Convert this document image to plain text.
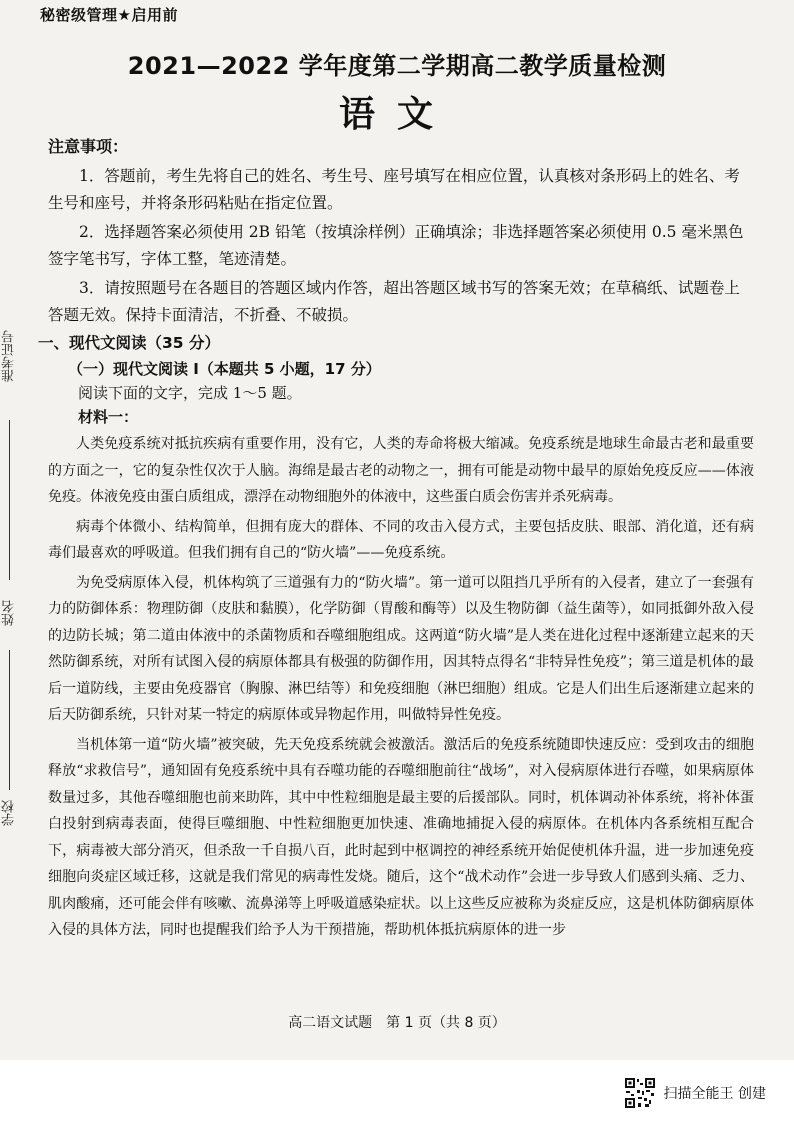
秘密级管理★启用前
2021—2022 学年度第二学期高二教学质量检测
语文
准考证号
姓名
学校
注意事项：

1．答题前，考生先将自己的姓名、考生号、座号填写在相应位置，认真核对条形码上的姓名、考生号和座号，并将条形码粘贴在指定位置。

2．选择题答案必须使用 2B 铅笔（按填涂样例）正确填涂；非选择题答案必须使用 0.5 毫米黑色签字笔书写，字体工整，笔迹清楚。

3．请按照题号在各题目的答题区域内作答，超出答题区域书写的答案无效；在草稿纸、试题卷上答题无效。保持卡面清洁，不折叠、不破损。

一、现代文阅读（35 分）
（一）现代文阅读 I（本题共 5 小题，17 分）
阅读下面的文字，完成 1～5 题。
材料一：

人类免疫系统对抵抗疾病有重要作用，没有它，人类的寿命将极大缩减。免疫系统是地球生命最古老和最重要的方面之一，它的复杂性仅次于人脑。海绵是最古老的动物之一，拥有可能是动物中最早的原始免疫反应——体液免疫。体液免疫由蛋白质组成，漂浮在动物细胞外的体液中，这些蛋白质会伤害并杀死病毒。

病毒个体微小、结构简单，但拥有庞大的群体、不同的攻击入侵方式，主要包括皮肤、眼部、消化道，还有病毒们最喜欢的呼吸道。但我们拥有自己的“防火墙”——免疫系统。

为免受病原体入侵，机体构筑了三道强有力的“防火墙”。第一道可以阻挡几乎所有的入侵者，建立了一套强有力的防御体系：物理防御（皮肤和黏膜），化学防御（胃酸和酶等）以及生物防御（益生菌等），如同抵御外敌入侵的边防长城；第二道由体液中的杀菌物质和吞噬细胞组成。这两道“防火墙”是人类在进化过程中逐渐建立起来的天然防御系统，对所有试图入侵的病原体都具有极强的防御作用，因其特点得名“非特异性免疫”；第三道是机体的最后一道防线，主要由免疫器官（胸腺、淋巴结等）和免疫细胞（淋巴细胞）组成。它是人们出生后逐渐建立起来的后天防御系统，只针对某一特定的病原体或异物起作用，叫做特异性免疫。

当机体第一道“防火墙”被突破，先天免疫系统就会被激活。激活后的免疫系统随即快速反应：受到攻击的细胞释放“求救信号”，通知固有免疫系统中具有吞噬功能的吞噬细胞前往“战场”，对入侵病原体进行吞噬，如果病原体数量过多，其他吞噬细胞也前来助阵，其中中性粒细胞是最主要的后援部队。同时，机体调动补体系统，将补体蛋白投射到病毒表面，使得巨噬细胞、中性粒细胞更加快速、准确地捕捉入侵的病原体。在机体内各系统相互配合下，病毒被大部分消灭，但杀敌一千自损八百，此时起到中枢调控的神经系统开始促使机体升温，进一步加速免疫细胞向炎症区域迁移，这就是我们常见的病毒性发烧。随后，这个“战术动作”会进一步导致人们感到头痛、乏力、肌肉酸痛，还可能会伴有咳嗽、流鼻涕等上呼吸道感染症状。以上这些反应被称为炎症反应，这是机体防御病原体入侵的具体方法，同时也提醒我们给予人为干预措施，帮助机体抵抗病原体的进一步

高二语文试题　第 1 页（共 8 页）
扫描全能王 创建
